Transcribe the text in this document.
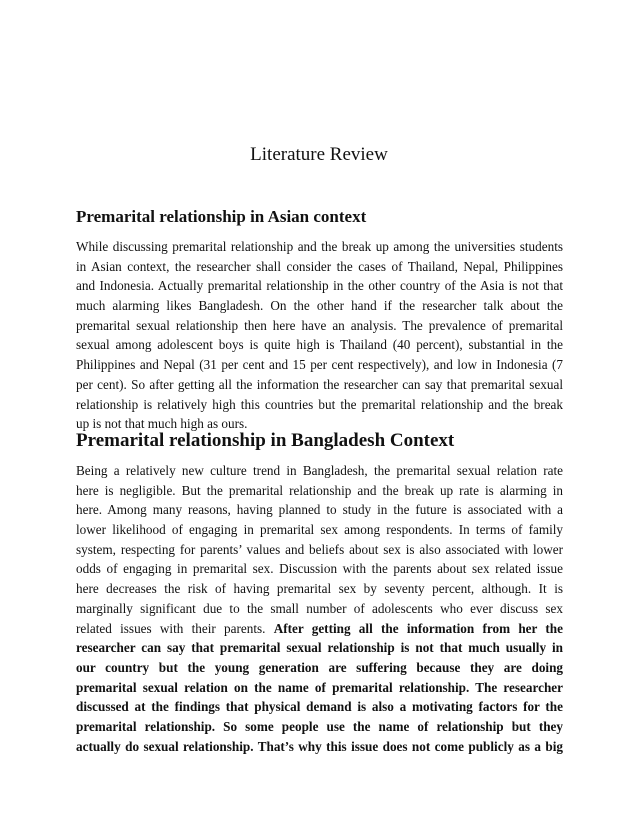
Literature Review
Premarital relationship in Asian context
While discussing premarital relationship and the break up among the universities students
in Asian context, the researcher shall consider the cases of Thailand, Nepal, Philippines
and Indonesia. Actually premarital relationship in the other country of the Asia is not that
much alarming likes Bangladesh. On the other hand if the researcher talk about the
premarital sexual relationship then here have an analysis. The prevalence of premarital
sexual among adolescent boys is quite high is Thailand (40 percent), substantial in the
Philippines and Nepal (31 per cent and 15 per cent respectively), and low in Indonesia (7
per cent). So after getting all the information the researcher can say that premarital sexual
relationship is relatively high this countries but the premarital relationship and the break
up is not that much high as ours.
Premarital relationship in Bangladesh Context
Being a relatively new culture trend in Bangladesh, the premarital sexual relation rate
here is negligible. But the premarital relationship and the break up rate is alarming in
here. Among many reasons, having planned to study in the future is associated with a
lower likelihood of engaging in premarital sex among respondents. In terms of family
system, respecting for parents’ values and beliefs about sex is also associated with lower
odds of engaging in premarital sex. Discussion with the parents about sex related issue
here decreases the risk of having premarital sex by seventy percent, although. It is
marginally significant due to the small number of adolescents who ever discuss sex
related issues with their parents. After getting all the information from her the
researcher can say that premarital sexual relationship is not that much usually in
our country but the young generation are suffering because they are doing
premarital sexual relation on the name of premarital relationship. The researcher
discussed at the findings that physical demand is also a motivating factors for the
premarital relationship. So some people use the name of relationship but they
actually do sexual relationship. That’s why this issue does not come publicly as a big
